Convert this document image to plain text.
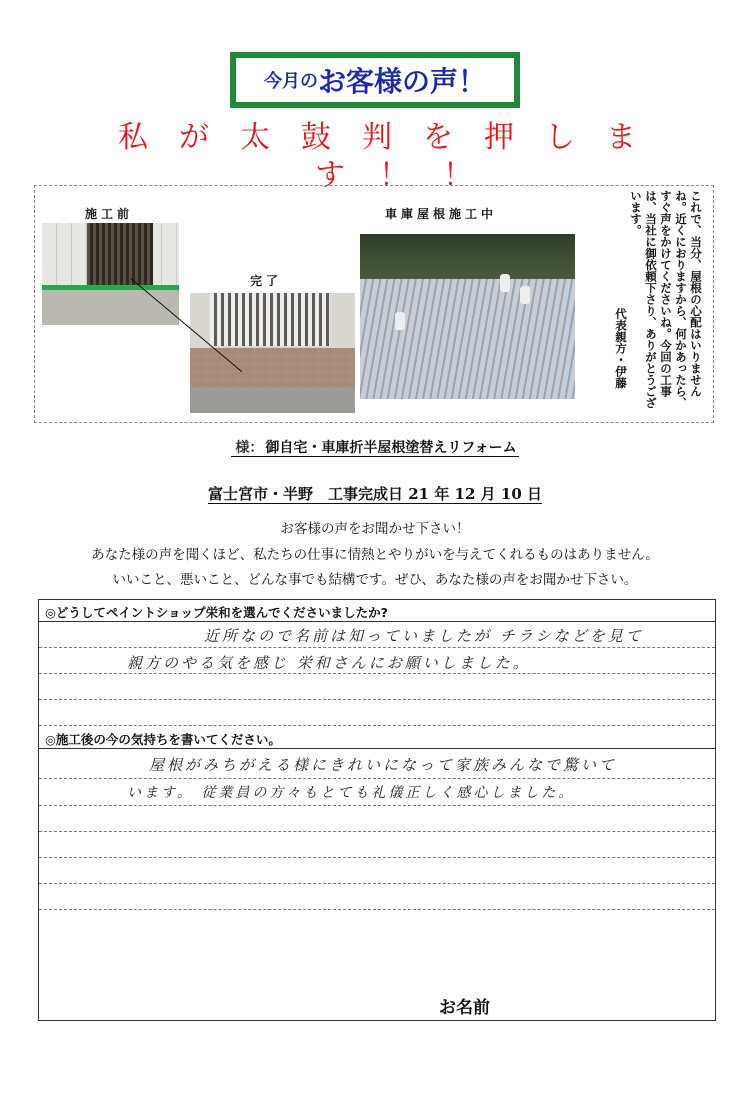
今月の お客様の声！
私が太鼓判を押しま
す！！
施工前
完了
車庫屋根施工中	これで、当分、屋根の心配はいりませんね。近くにおりますから、何かあったら、すぐ声をかけてくださいね。今回の工事は、当社に御依頼下さり、ありがとうございます。

代表親方・伊藤
様： 御自宅・車庫折半屋根塗替えリフォーム
富士宮市・半野　工事完成日 21 年 12 月 10 日
お客様の声をお聞かせ下さい！
あなた様の声を聞くほど、私たちの仕事に情熱とやりがいを与えてくれるものはありません。
いいこと、悪いこと、どんな事でも結構です。ぜひ、あなた様の声をお聞かせ下さい。
◎どうしてペイントショップ栄和を選んでくださいましたか?
近所なので名前は知っていましたが チラシなどを見て
親方のやる気を感じ 栄和さんにお願いしました。
◎施工後の今の気持ちを書いてください。
屋根がみちがえる様にきれいになって家族みんなで驚いて
います。 従業員の方々もとても礼儀正しく感心しました。
お名前
